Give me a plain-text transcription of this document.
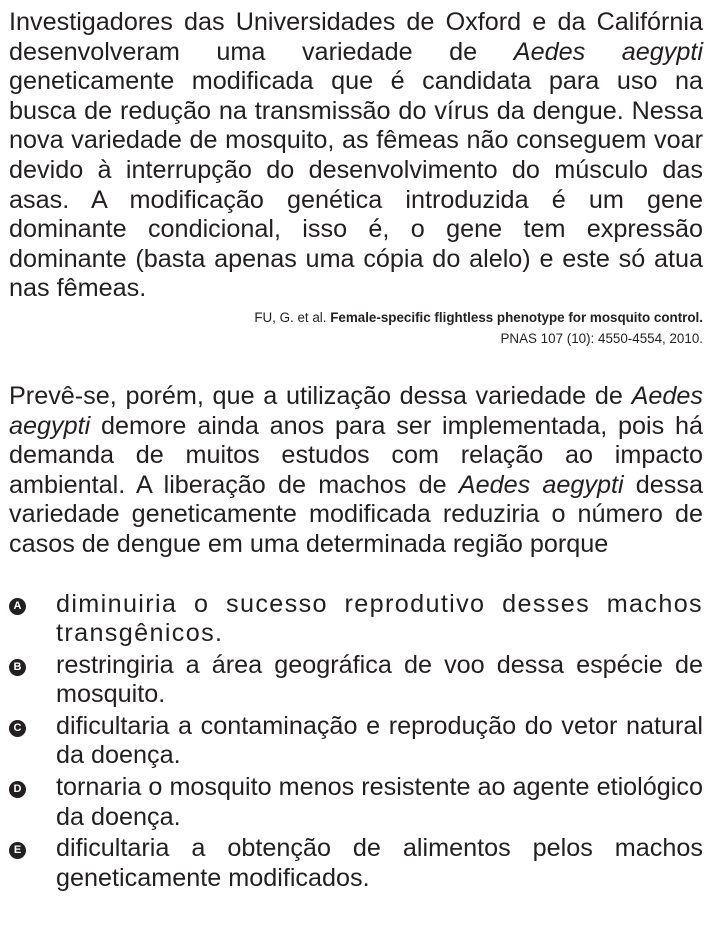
Investigadores das Universidades de Oxford e da Califórnia desenvolveram uma variedade de Aedes aegypti geneticamente modificada que é candidata para uso na busca de redução na transmissão do vírus da dengue. Nessa nova variedade de mosquito, as fêmeas não conseguem voar devido à interrupção do desenvolvimento do músculo das asas. A modificação genética introduzida é um gene dominante condicional, isso é, o gene tem expressão dominante (basta apenas uma cópia do alelo) e este só atua nas fêmeas.

FU, G. et al. Female-specific flightless phenotype for mosquito control.
PNAS 107 (10): 4550-4554, 2010.

Prevê-se, porém, que a utilização dessa variedade de Aedes aegypti demore ainda anos para ser implementada, pois há demanda de muitos estudos com relação ao impacto ambiental. A liberação de machos de Aedes aegypti dessa variedade geneticamente modificada reduziria o número de casos de dengue em uma determinada região porque

A diminuiria o sucesso reprodutivo desses machos transgênicos.
B restringiria a área geográfica de voo dessa espécie de mosquito.
C dificultaria a contaminação e reprodução do vetor natural da doença.
D tornaria o mosquito menos resistente ao agente etiológico da doença.
E dificultaria a obtenção de alimentos pelos machos geneticamente modificados.
